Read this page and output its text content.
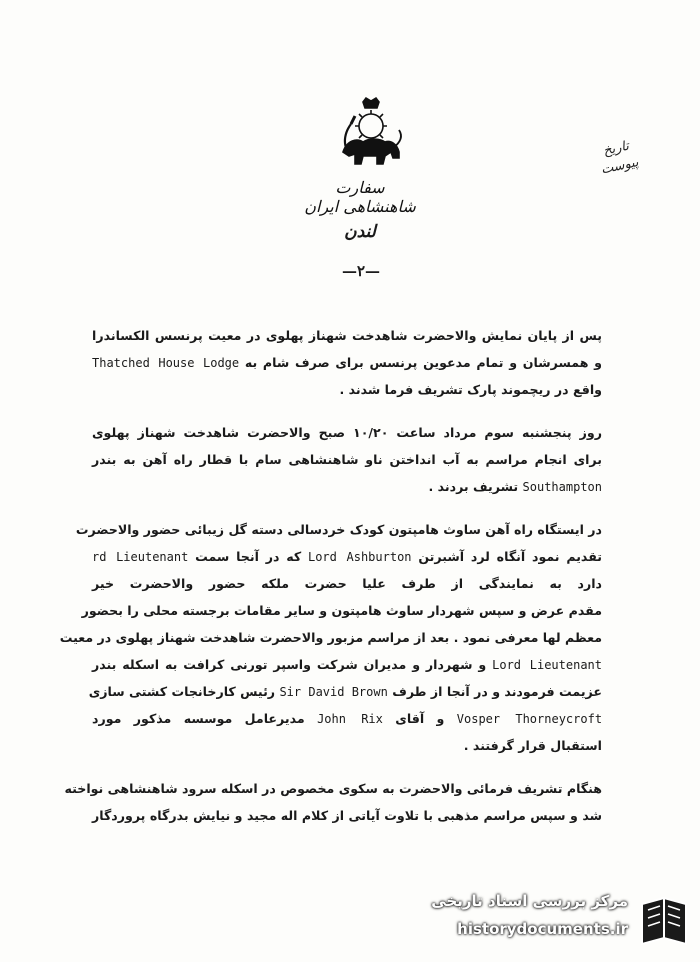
تاریخ
پیوست
سفارت شاهنشاهی ایران
لندن
—۲—
پس از پایان نمایش والاحضرت شاهدخت شهناز پهلوی در معیت پرنسس الکساندرا
و همسرشان و تمام مدعوین پرنسس برای صرف شام به Thatched House Lodge
واقع در ریچموند پارک تشریف فرما شدند .
روز پنجشنبه سوم مرداد ساعت ۱۰/۲۰ صبح والاحضرت شاهدخت شهناز پهلوی
برای انجام مراسم به آب انداختن ناو شاهنشاهی سام با قطار راه آهن به بندر
Southampton تشریف بردند .
در ایستگاه راه آهن ساوث هامپتون کودک خردسالی دسته گل زیبائی حضور والاحضرت
تقدیم نمود آنگاه لرد آشبرتن Lord Ashburton که در آنجا سمت rd Lieutenant
دارد به نمایندگی از طرف علیا حضرت ملکه حضور والاحضرت خیر
مقدم عرض و سپس شهردار ساوث هامپتون و سایر مقامات برجسته محلی را بحضور
معظم لها معرفی نمود . بعد از مراسم مزبور والاحضرت شاهدخت شهناز پهلوی در معیت
Lord Lieutenant و شهردار و مدیران شرکت واسپر تورنی کرافت به اسکله بندر
عزیمت فرمودند و در آنجا از طرف Sir David Brown رئیس کارخانجات کشتی سازی
Vosper Thorneycroft و آقای John Rix مدیرعامل موسسه مذکور مورد
استقبال قرار گرفتند .
هنگام تشریف فرمائی والاحضرت به سکوی مخصوص در اسکله سرود شاهنشاهی نواخته
شد و سپس مراسم مذهبی با تلاوت آیاتی از کلام اله مجید و نیایش بدرگاه پروردگار
مرکز بررسی اسناد تاریخی
historydocuments.ir
